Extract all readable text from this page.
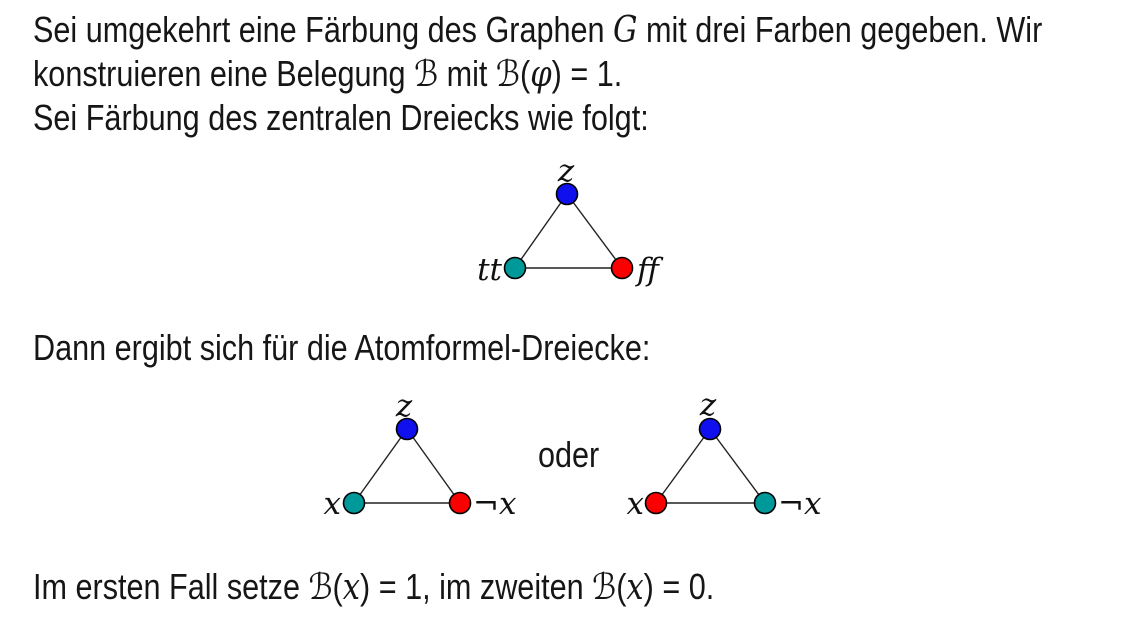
Sei umgekehrt eine Färbung des Graphen G mit drei Farben gegeben. Wir
konstruieren eine Belegung ℬ mit ℬ(φ) = 1.
Sei Färbung des zentralen Dreiecks wie folgt:
Dann ergibt sich für die Atomformel-Dreiecke:
oder
Im ersten Fall setze ℬ(x) = 1, im zweiten ℬ(x) = 0.
z
tt	ff
z
x	¬x
z
x	¬x
